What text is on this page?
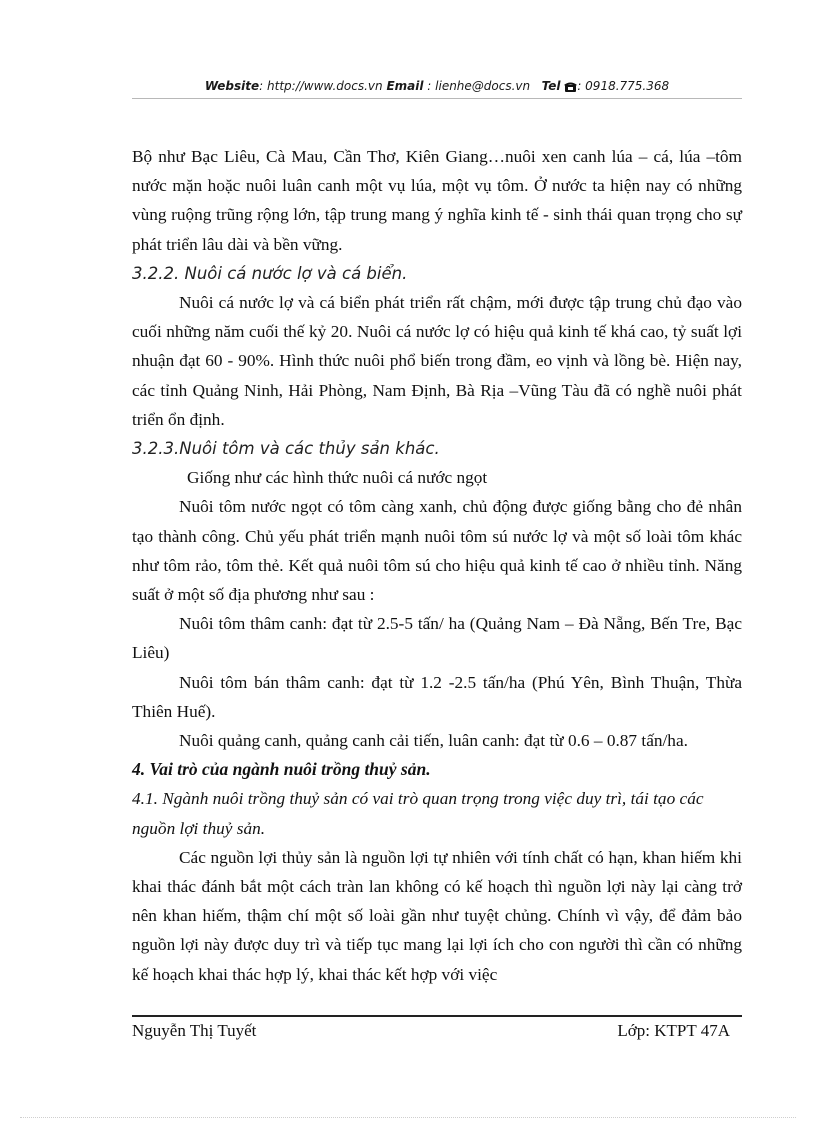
Website: http://www.docs.vn Email : lienhe@docs.vn Tel : 0918.775.368

Bộ như Bạc Liêu, Cà Mau, Cần Thơ, Kiên Giang…nuôi xen canh lúa – cá, lúa –tôm nước mặn hoặc nuôi luân canh một vụ lúa, một vụ tôm. Ở nước ta hiện nay có những vùng ruộng trũng rộng lớn, tập trung mang ý nghĩa kinh tế - sinh thái quan trọng cho sự phát triển lâu dài và bền vững.

3.2.2. Nuôi cá nước lợ và cá biển.

Nuôi cá nước lợ và cá biển phát triển rất chậm, mới được tập trung chủ đạo vào cuối những năm cuối thế kỷ 20. Nuôi cá nước lợ có hiệu quả kinh tế khá cao, tỷ suất lợi nhuận đạt 60 - 90%. Hình thức nuôi phổ biến trong đầm, eo vịnh và lồng bè. Hiện nay, các tỉnh Quảng Ninh, Hải Phòng, Nam Định, Bà Rịa –Vũng Tàu đã có nghề nuôi phát triển ổn định.

3.2.3.Nuôi tôm và các thủy sản khác.

Giống như các hình thức nuôi cá nước ngọt

Nuôi tôm nước ngọt có tôm càng xanh, chủ động được giống bằng cho đẻ nhân tạo thành công. Chủ yếu phát triển mạnh nuôi tôm sú nước lợ và một số loài tôm khác như tôm rảo, tôm thẻ. Kết quả nuôi tôm sú cho hiệu quả kinh tế cao ở nhiều tỉnh. Năng suất ở một số địa phương như sau :

Nuôi tôm thâm canh: đạt từ 2.5-5 tấn/ ha (Quảng Nam – Đà Nẵng, Bến Tre, Bạc Liêu)

Nuôi tôm bán thâm canh: đạt từ 1.2 -2.5 tấn/ha (Phú Yên, Bình Thuận, Thừa Thiên Huế).

Nuôi quảng canh, quảng canh cải tiến, luân canh: đạt từ 0.6 – 0.87 tấn/ha.

4. Vai trò của ngành nuôi trồng thuỷ sản.

4.1. Ngành nuôi trồng thuỷ sản có vai trò quan trọng trong việc duy trì, tái tạo các nguồn lợi thuỷ sản.

Các nguồn lợi thủy sản là nguồn lợi tự nhiên với tính chất có hạn, khan hiếm khi khai thác đánh bắt một cách tràn lan không có kế hoạch thì nguồn lợi này lại càng trở nên khan hiếm, thậm chí một số loài gần như tuyệt chủng. Chính vì vậy, để đảm bảo nguồn lợi này được duy trì và tiếp tục mang lại lợi ích cho con người thì cần có những kế hoạch khai thác hợp lý, khai thác kết hợp với việc

Nguyễn Thị Tuyết	Lớp: KTPT 47A
